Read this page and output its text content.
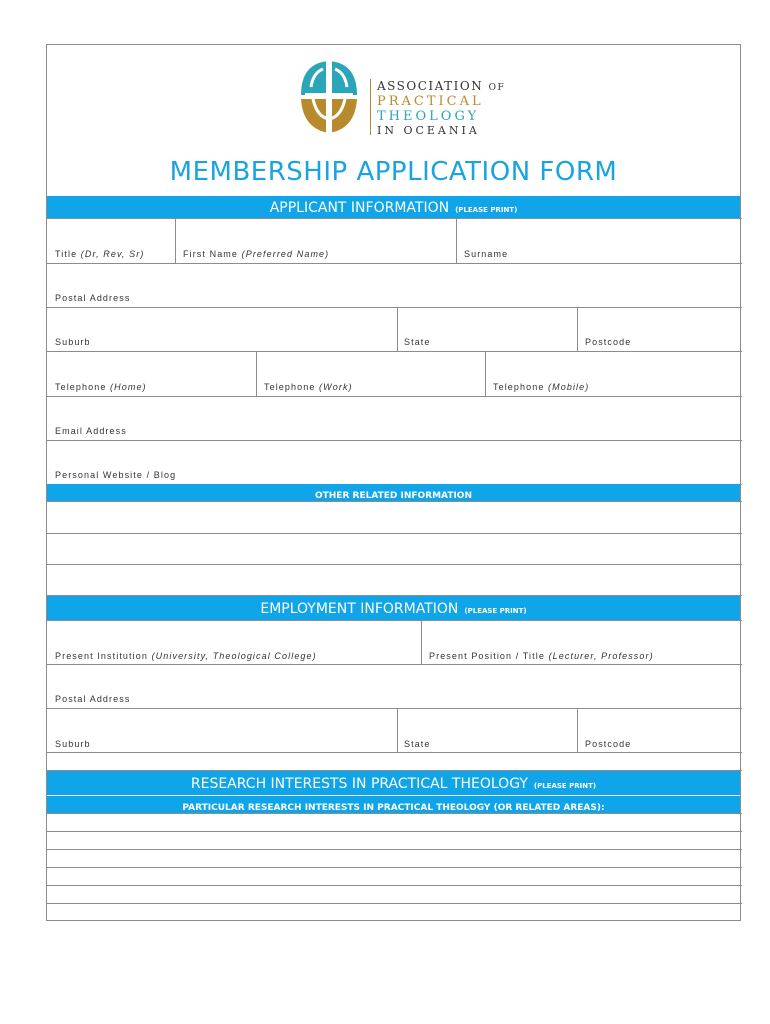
ASSOCIATION OF
PRACTICAL
THEOLOGY
IN OCEANIA
MEMBERSHIP APPLICATION FORM
APPLICANT INFORMATION (PLEASE PRINT)
Title (Dr, Rev, Sr)	First Name (Preferred Name)	Surname
Postal Address
Suburb	State	Postcode
Telephone (Home)	Telephone (Work)	Telephone (Mobile)
Email Address
Personal Website / Blog
OTHER RELATED INFORMATION
EMPLOYMENT INFORMATION (PLEASE PRINT)
Present Institution (University, Theological College)	Present Position / Title (Lecturer, Professor)
Postal Address
Suburb	State	Postcode
RESEARCH INTERESTS IN PRACTICAL THEOLOGY (PLEASE PRINT)
PARTICULAR RESEARCH INTERESTS IN PRACTICAL THEOLOGY (OR RELATED AREAS):
